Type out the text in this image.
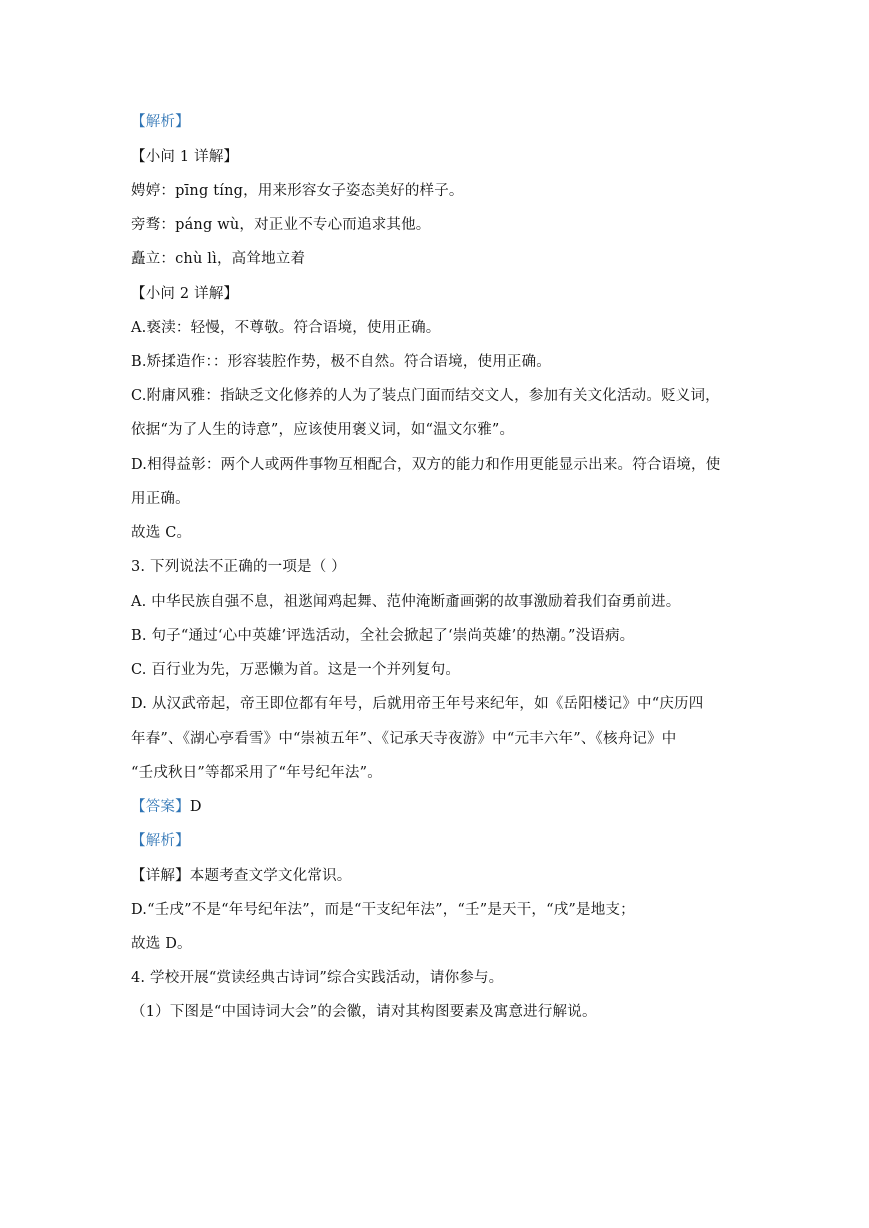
【解析】
【小问 1 详解】
娉婷：pīng tíng，用来形容女子姿态美好的样子。
旁骛：páng wù，对正业不专心而追求其他。
矗立：chù lì，高耸地立着
【小问 2 详解】
A.亵渎：轻慢，不尊敬。符合语境，使用正确。
B.矫揉造作：：形容装腔作势，极不自然。符合语境，使用正确。
C.附庸风雅：指缺乏文化修养的人为了装点门面而结交文人，参加有关文化活动。贬义词，
依据“为了人生的诗意”，应该使用褒义词，如“温文尔雅”。
D.相得益彰：两个人或两件事物互相配合，双方的能力和作用更能显示出来。符合语境，使
用正确。
故选 C。
3. 下列说法不正确的一项是（ ）
A. 中华民族自强不息，祖逖闻鸡起舞、范仲淹断齑画粥的故事激励着我们奋勇前进。
B. 句子“通过‘心中英雄’评选活动，全社会掀起了‘崇尚英雄’的热潮。”没语病。
C. 百行业为先，万恶懒为首。这是一个并列复句。
D. 从汉武帝起，帝王即位都有年号，后就用帝王年号来纪年，如《岳阳楼记》中“庆历四
年春”、《湖心亭看雪》中“崇祯五年”、《记承天寺夜游》中“元丰六年”、《核舟记》中
“壬戌秋日”等都采用了“年号纪年法”。
【答案】D
【解析】
【详解】本题考查文学文化常识。
D.“壬戌”不是“年号纪年法”，而是“干支纪年法”，“壬”是天干，“戌”是地支；
故选 D。
4. 学校开展“赏读经典古诗词”综合实践活动，请你参与。
（1）下图是“中国诗词大会”的会徽，请对其构图要素及寓意进行解说。
